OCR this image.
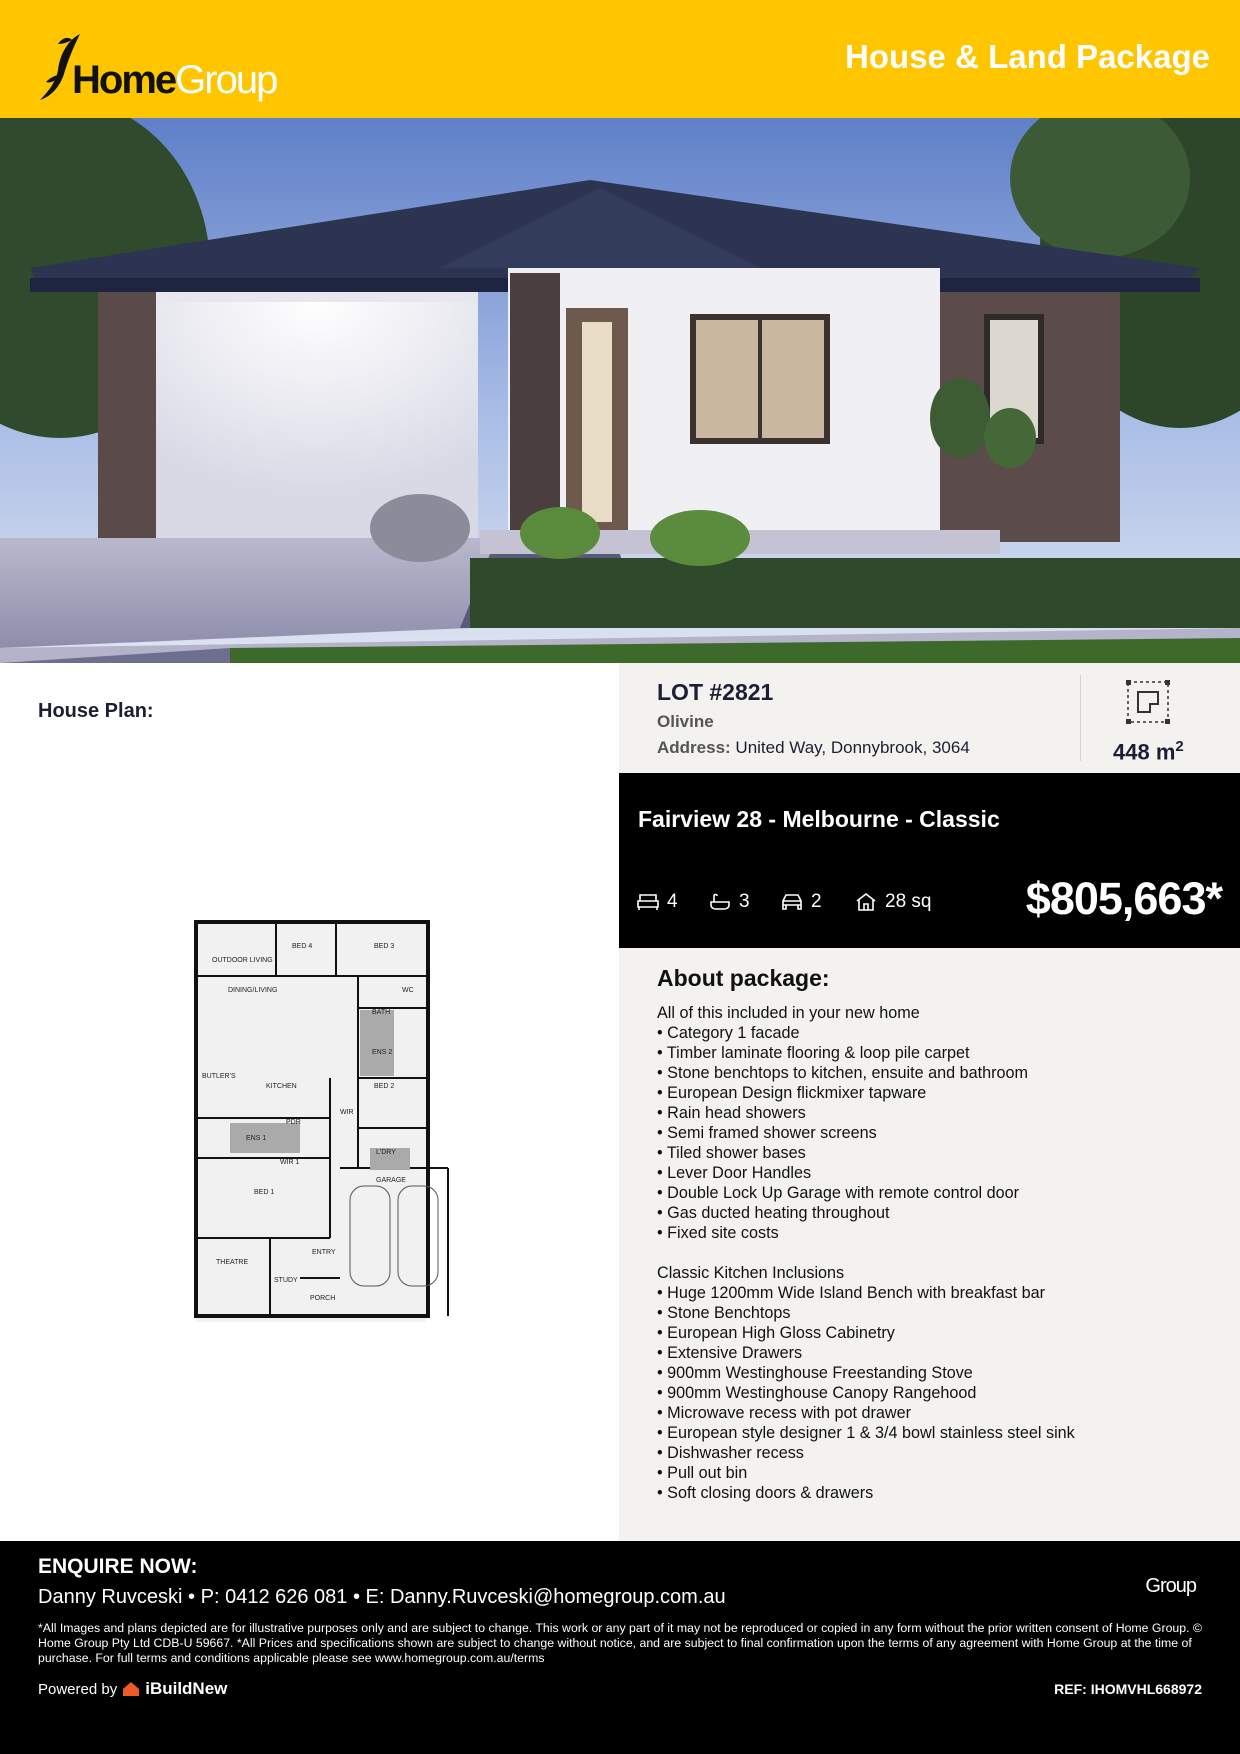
HomeGroup
House & Land Package
House Plan:
OUTDOOR LIVING
BED 4	BED 3
DINING/LIVING	WC
BATH
ENS 2
BUTLER'S
KITCHEN	BED 2
WIR
ENS 1
PDR
L'DRY
WIR 1
BED 1
GARAGE
THEATRE
ENTRY
STUDY
PORCH
LOT #2821
Olivine
Address: United Way, Donnybrook, 3064	448 $m^2$
Fairview 28 - Melbourne - Classic
4	3	2	28 sq $805,663*
About package:
All of this included in your new home
• Category 1 facade
• Timber laminate flooring & loop pile carpet
• Stone benchtops to kitchen, ensuite and bathroom
• European Design flickmixer tapware
• Rain head showers
• Semi framed shower screens
• Tiled shower bases
• Lever Door Handles
• Double Lock Up Garage with remote control door
• Gas ducted heating throughout
• Fixed site costs
Classic Kitchen Inclusions
• Huge 1200mm Wide Island Bench with breakfast bar
• Stone Benchtops
• European High Gloss Cabinetry
• Extensive Drawers
• 900mm Westinghouse Freestanding Stove
• 900mm Westinghouse Canopy Rangehood
• Microwave recess with pot drawer
• European style designer 1 & 3/4 bowl stainless steel sink
• Dishwasher recess
• Pull out bin
• Soft closing doors & drawers
ENQUIRE NOW:
Danny Ruvceski • P: 0412 626 081 • E: Danny.Ruvceski@homegroup.com.au	Group
*All Images and plans depicted are for illustrative purposes only and are subject to change. This work or any part of it may not be reproduced or copied in any form without the prior written consent of Home Group. © Home Group Pty Ltd CDB-U 59667. *All Prices and specifications shown are subject to change without notice, and are subject to final confirmation upon the terms of any agreement with Home Group at the time of purchase. For full terms and conditions applicable please see www.homegroup.com.au/terms
Powered by iBuildNew	REF: IHOMVHL668972
